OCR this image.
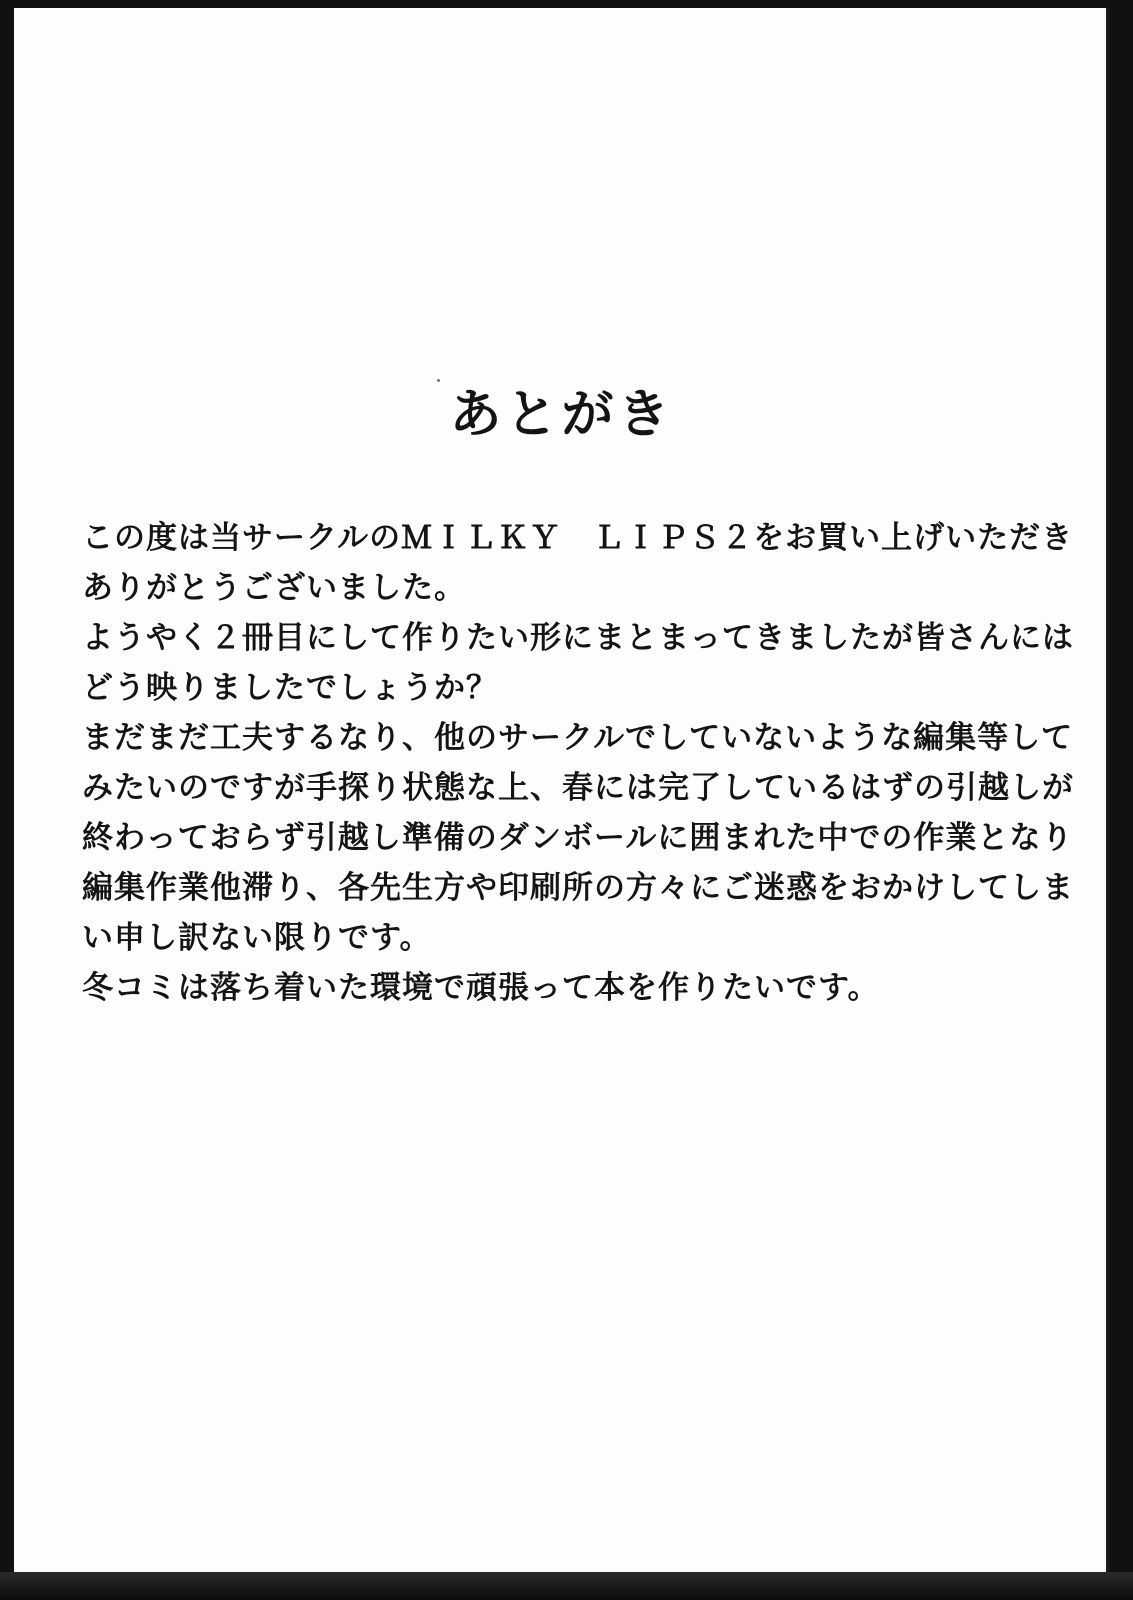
あとがき
この度は当サークルのＭＩＬＫＹ　ＬＩＰＳ２をお買い上げいただき
ありがとうございました。
ようやく２冊目にして作りたい形にまとまってきましたが皆さんには
どう映りましたでしょうか？
まだまだ工夫するなり、他のサークルでしていないような編集等して
みたいのですが手探り状態な上、春には完了しているはずの引越しが
終わっておらず引越し準備のダンボールに囲まれた中での作業となり
編集作業他滞り、各先生方や印刷所の方々にご迷惑をおかけしてしま
い申し訳ない限りです。
冬コミは落ち着いた環境で頑張って本を作りたいです。
